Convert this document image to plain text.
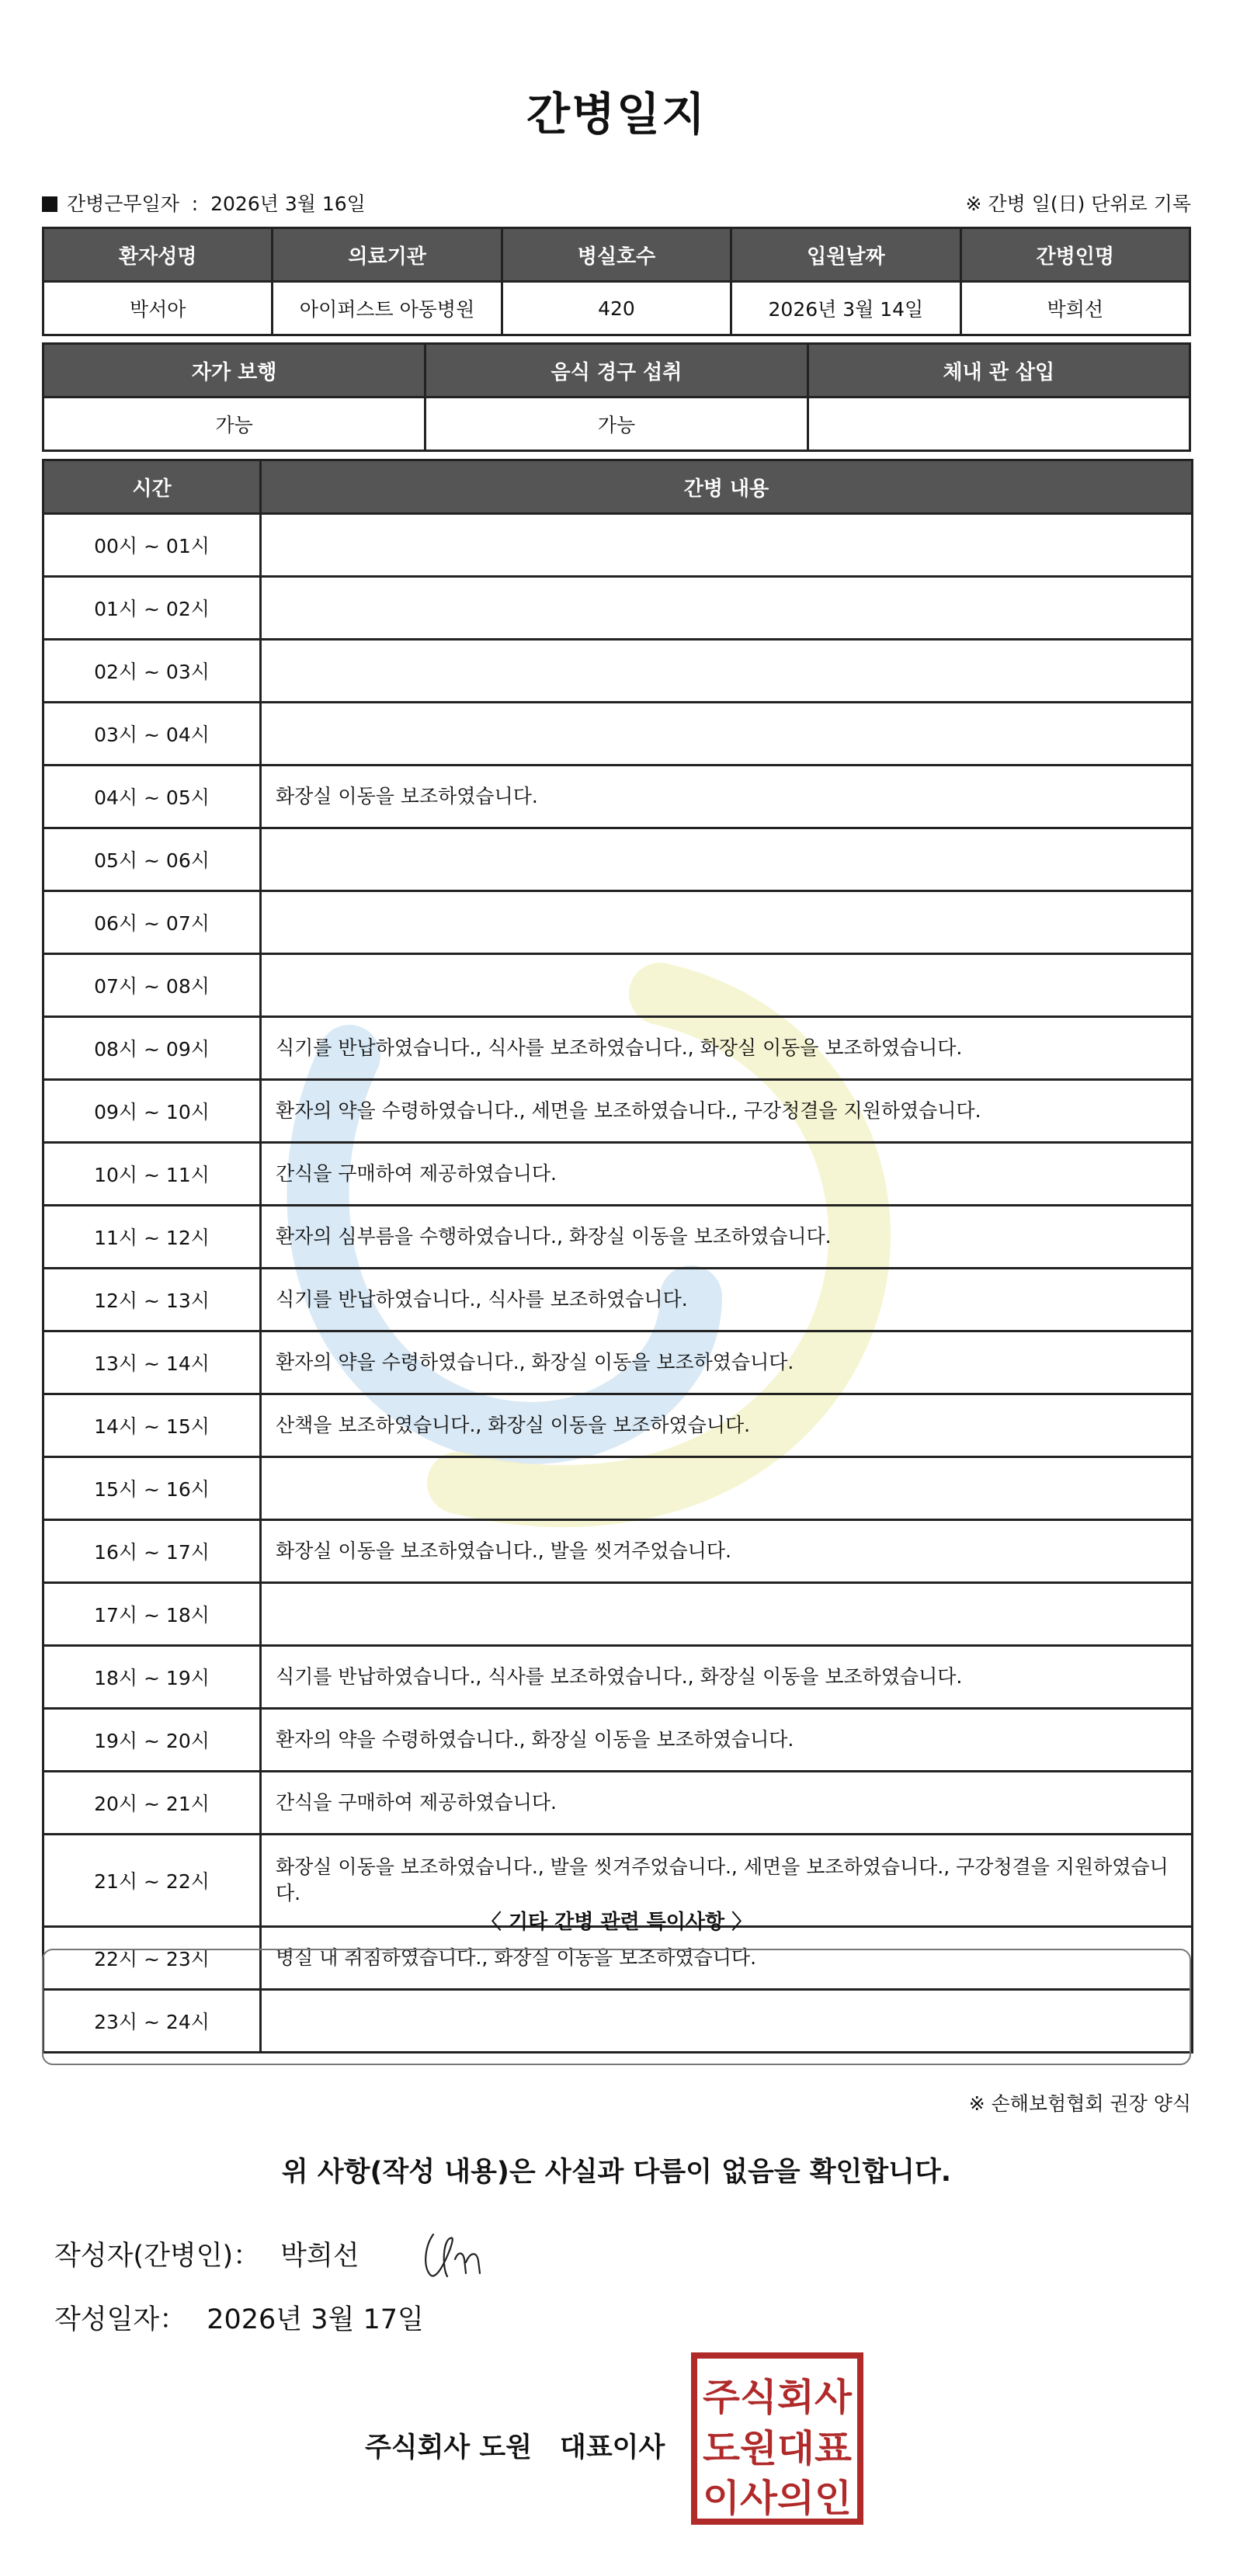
간병일지
간병근무일자  :  2026년 3월 16일	※ 간병 일(日) 단위로 기록
환자성명	의료기관	병실호수	입원날짜	간병인명
박서아	아이퍼스트 아동병원	420	2026년 3월 14일	박희선
자가 보행	음식 경구 섭취	체내 관 삽입
가능	가능	
시간	간병 내용
00시 ~ 01시	
01시 ~ 02시	
02시 ~ 03시	
03시 ~ 04시	
04시 ~ 05시	화장실 이동을 보조하였습니다.
05시 ~ 06시	
06시 ~ 07시	
07시 ~ 08시	
08시 ~ 09시	식기를 반납하였습니다., 식사를 보조하였습니다., 화장실 이동을 보조하였습니다.
09시 ~ 10시	환자의 약을 수령하였습니다., 세면을 보조하였습니다., 구강청결을 지원하였습니다.
10시 ~ 11시	간식을 구매하여 제공하였습니다.
11시 ~ 12시	환자의 심부름을 수행하였습니다., 화장실 이동을 보조하였습니다.
12시 ~ 13시	식기를 반납하였습니다., 식사를 보조하였습니다.
13시 ~ 14시	환자의 약을 수령하였습니다., 화장실 이동을 보조하였습니다.
14시 ~ 15시	산책을 보조하였습니다., 화장실 이동을 보조하였습니다.
15시 ~ 16시	
16시 ~ 17시	화장실 이동을 보조하였습니다., 발을 씻겨주었습니다.
17시 ~ 18시	
18시 ~ 19시	식기를 반납하였습니다., 식사를 보조하였습니다., 화장실 이동을 보조하였습니다.
19시 ~ 20시	환자의 약을 수령하였습니다., 화장실 이동을 보조하였습니다.
20시 ~ 21시	간식을 구매하여 제공하였습니다.
21시 ~ 22시	화장실 이동을 보조하였습니다., 발을 씻겨주었습니다., 세면을 보조하였습니다., 구강청결을 지원하였습니다.
22시 ~ 23시	병실 내 취침하였습니다., 화장실 이동을 보조하였습니다.
23시 ~ 24시	
〈 기타 간병 관련 특이사항 〉
※ 손해보험협회 권장 양식
위 사항(작성 내용)은 사실과 다름이 없음을 확인합니다.
작성자(간병인)： 박희선
작성일자： 2026년 3월 17일
주식회사 도원 대표이사
주식회사
도원대표
이사의인
